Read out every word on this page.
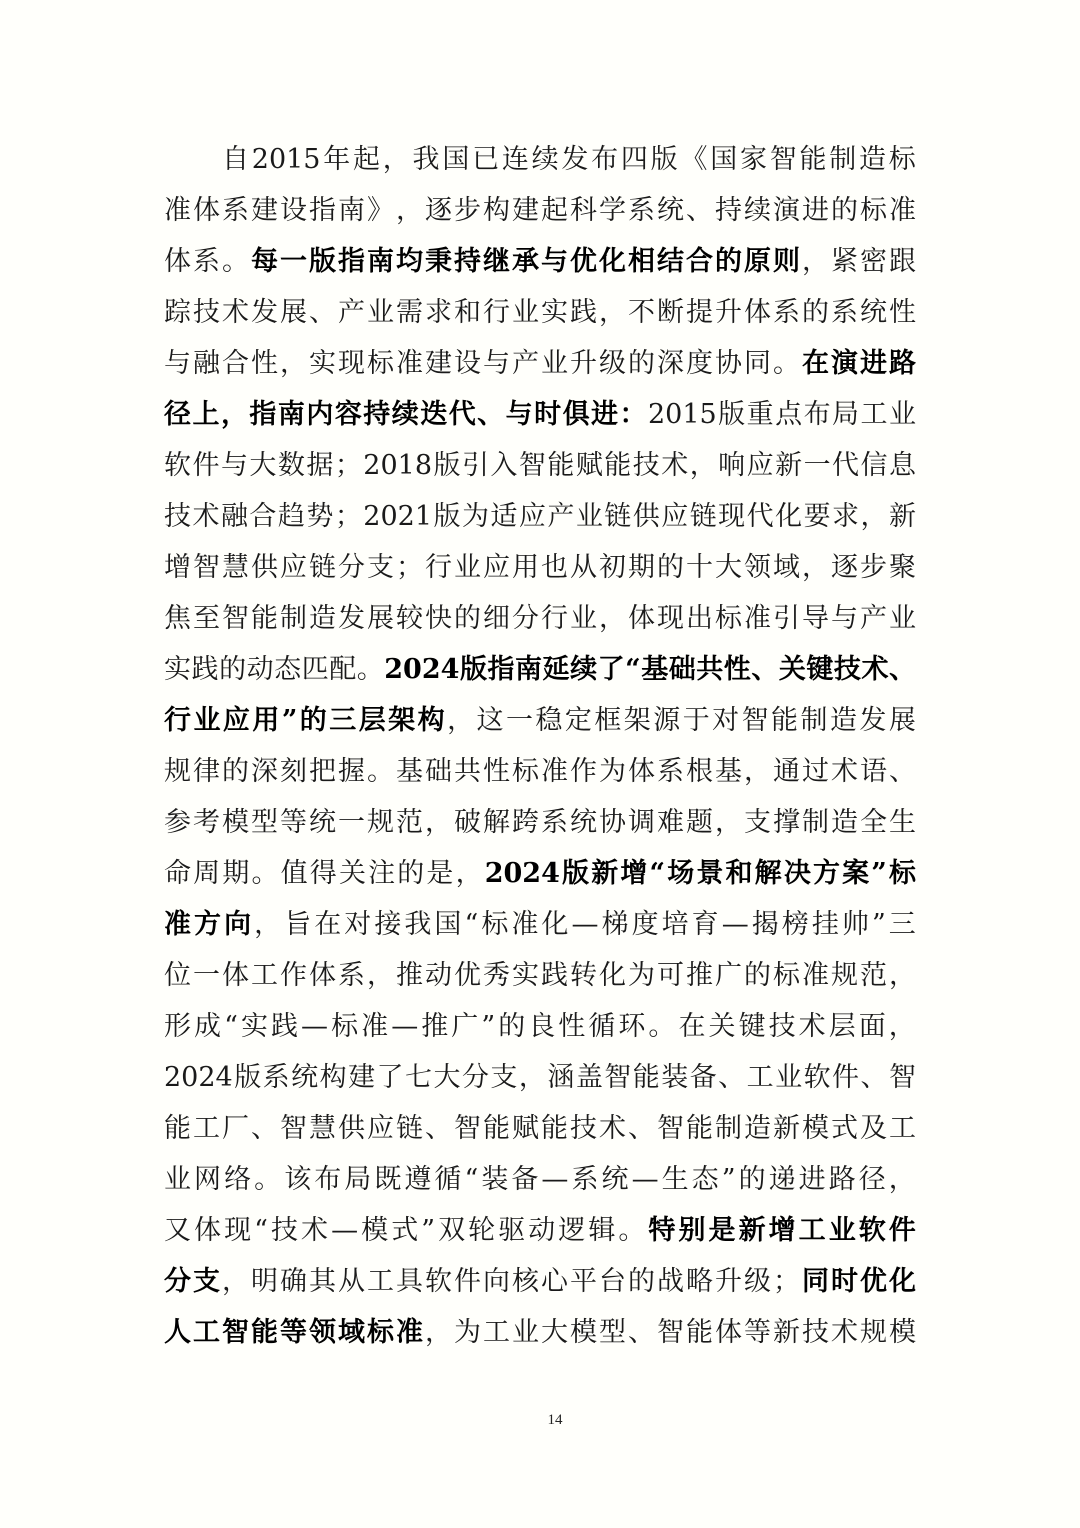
自 2015 年 起 ， 我 国 已 连 续 发 布 四 版 《 国 家 智 能 制 造 标
准 体 系 建 设 指 南 》 ， 逐 步 构 建 起 科 学 系 统 、 持 续 演 进 的 标 准
体 系 。 每 一 版 指 南 均 秉 持 继 承 与 优 化 相 结 合 的 原 则 ， 紧 密 跟
踪 技 术 发 展 、 产 业 需 求 和 行 业 实 践 ， 不 断 提 升 体 系 的 系 统 性
与 融 合 性 ， 实 现 标 准 建 设 与 产 业 升 级 的 深 度 协 同 。 在 演 进 路
径 上 ， 指 南 内 容 持 续 迭 代 、 与 时 俱 进 ： 2015 版 重 点 布 局 工 业
软 件 与 大 数 据 ； 2018 版 引 入 智 能 赋 能 技 术 ， 响 应 新 一 代 信 息
技 术 融 合 趋 势 ； 2021 版 为 适 应 产 业 链 供 应 链 现 代 化 要 求 ， 新
增 智 慧 供 应 链 分 支 ； 行 业 应 用 也 从 初 期 的 十 大 领 域 ， 逐 步 聚
焦 至 智 能 制 造 发 展 较 快 的 细 分 行 业 ， 体 现 出 标 准 引 导 与 产 业
实 践 的 动 态 匹 配 。 2024 版 指 南 延 续 了 “ 基 础 共 性 、 关 键 技 术 、
行 业 应 用 ” 的 三 层 架 构 ， 这 一 稳 定 框 架 源 于 对 智 能 制 造 发 展
规 律 的 深 刻 把 握 。 基 础 共 性 标 准 作 为 体 系 根 基 ， 通 过 术 语 、
参 考 模 型 等 统 一 规 范 ， 破 解 跨 系 统 协 调 难 题 ， 支 撑 制 造 全 生
命 周 期 。 值 得 关 注 的 是 ， 2024 版 新 增 “ 场 景 和 解 决 方 案 ” 标
准 方 向 ， 旨 在 对 接 我 国 “ 标 准 化 — 梯 度 培 育 — 揭 榜 挂 帅 ” 三
位 一 体 工 作 体 系 ， 推 动 优 秀 实 践 转 化 为 可 推 广 的 标 准 规 范 ，
形 成 “ 实 践 — 标 准 — 推 广 ” 的 良 性 循 环 。 在 关 键 技 术 层 面 ，
2024 版 系 统 构 建 了 七 大 分 支 ， 涵 盖 智 能 装 备 、 工 业 软 件 、 智
能 工 厂 、 智 慧 供 应 链 、 智 能 赋 能 技 术 、 智 能 制 造 新 模 式 及 工
业 网 络 。 该 布 局 既 遵 循 “ 装 备 — 系 统 — 生 态 ” 的 递 进 路 径 ，
又 体 现 “ 技 术 — 模 式 ” 双 轮 驱 动 逻 辑 。 特 别 是 新 增 工 业 软 件
分 支 ， 明 确 其 从 工 具 软 件 向 核 心 平 台 的 战 略 升 级 ； 同 时 优 化
人 工 智 能 等 领 域 标 准 ， 为 工 业 大 模 型 、 智 能 体 等 新 技 术 规 模
14
